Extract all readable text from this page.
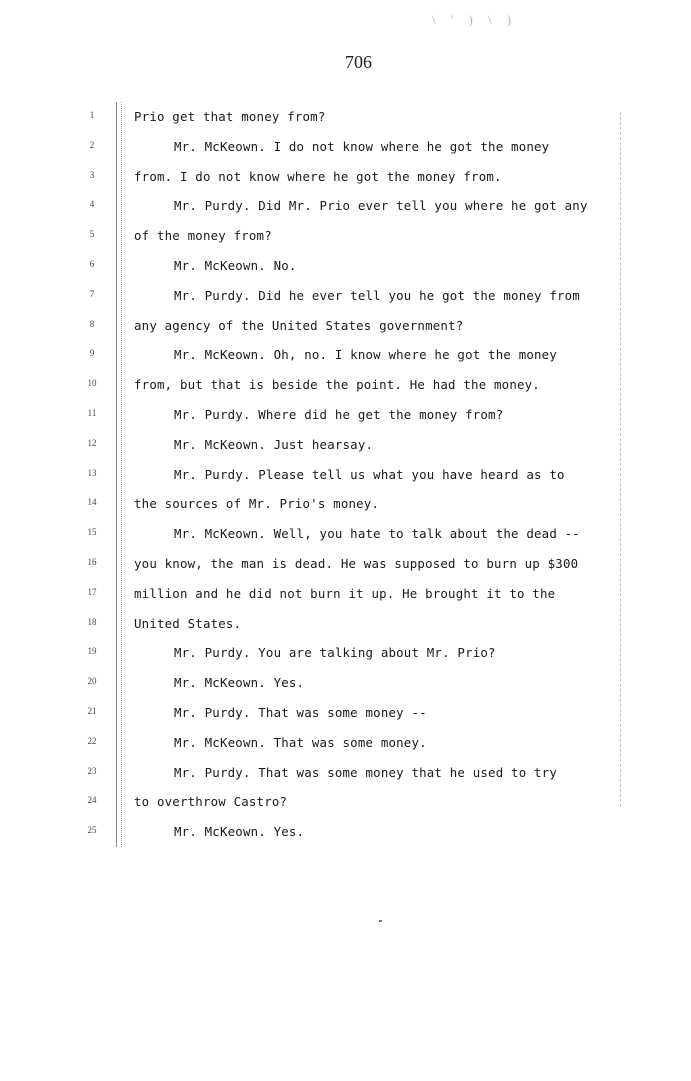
\ ' ) \ )
706
1	Prio get that money from?
2	Mr. McKeown. I do not know where he got the money
3	from. I do not know where he got the money from.
4	Mr. Purdy. Did Mr. Prio ever tell you where he got any
5	of the money from?
6	Mr. McKeown. No.
7	Mr. Purdy. Did he ever tell you he got the money from
8	any agency of the United States government?
9	Mr. McKeown. Oh, no. I know where he got the money
10	from, but that is beside the point. He had the money.
11	Mr. Purdy. Where did he get the money from?
12	Mr. McKeown. Just hearsay.
13	Mr. Purdy. Please tell us what you have heard as to
14	the sources of Mr. Prio's money.
15	Mr. McKeown. Well, you hate to talk about the dead --
16	you know, the man is dead. He was supposed to burn up $300
17	million and he did not burn it up. He brought it to the
18	United States.
19	Mr. Purdy. You are talking about Mr. Prio?
20	Mr. McKeown. Yes.
21	Mr. Purdy. That was some money --
22	Mr. McKeown. That was some money.
23	Mr. Purdy. That was some money that he used to try
24	to overthrow Castro?
25	Mr. McKeown. Yes.
